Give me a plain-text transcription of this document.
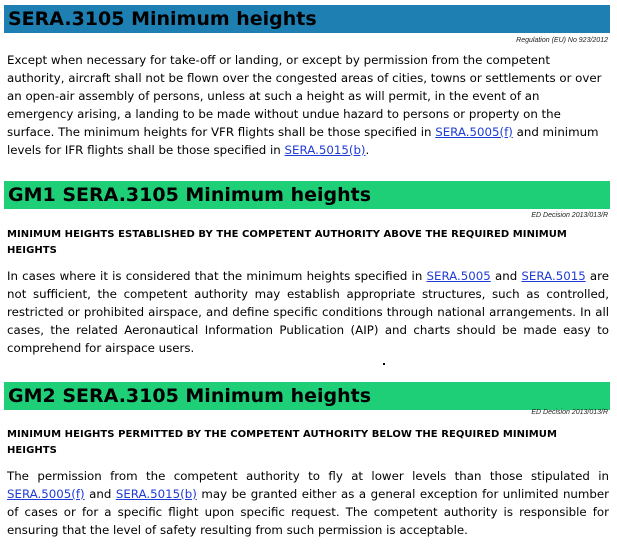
SERA.3105 Minimum heights
Regulation (EU) No 923/2012

Except when necessary for take-off or landing, or except by permission from the competent authority, aircraft shall not be flown over the congested areas of cities, towns or settlements or over an open-air assembly of persons, unless at such a height as will permit, in the event of an emergency arising, a landing to be made without undue hazard to persons or property on the surface. The minimum heights for VFR flights shall be those specified in SERA.5005(f) and minimum levels for IFR flights shall be those specified in SERA.5015(b).

GM1 SERA.3105 Minimum heights
ED Decision 2013/013/R

MINIMUM HEIGHTS ESTABLISHED BY THE COMPETENT AUTHORITY ABOVE THE REQUIRED MINIMUM HEIGHTS

In cases where it is considered that the minimum heights specified in SERA.5005 and SERA.5015 are not sufficient, the competent authority may establish appropriate structures, such as controlled, restricted or prohibited airspace, and define specific conditions through national arrangements. In all cases, the related Aeronautical Information Publication (AIP) and charts should be made easy to comprehend for airspace users.

GM2 SERA.3105 Minimum heights
ED Decision 2013/013/R

MINIMUM HEIGHTS PERMITTED BY THE COMPETENT AUTHORITY BELOW THE REQUIRED MINIMUM HEIGHTS

The permission from the competent authority to fly at lower levels than those stipulated in SERA.5005(f) and SERA.5015(b) may be granted either as a general exception for unlimited number of cases or for a specific flight upon specific request. The competent authority is responsible for ensuring that the level of safety resulting from such permission is acceptable.
